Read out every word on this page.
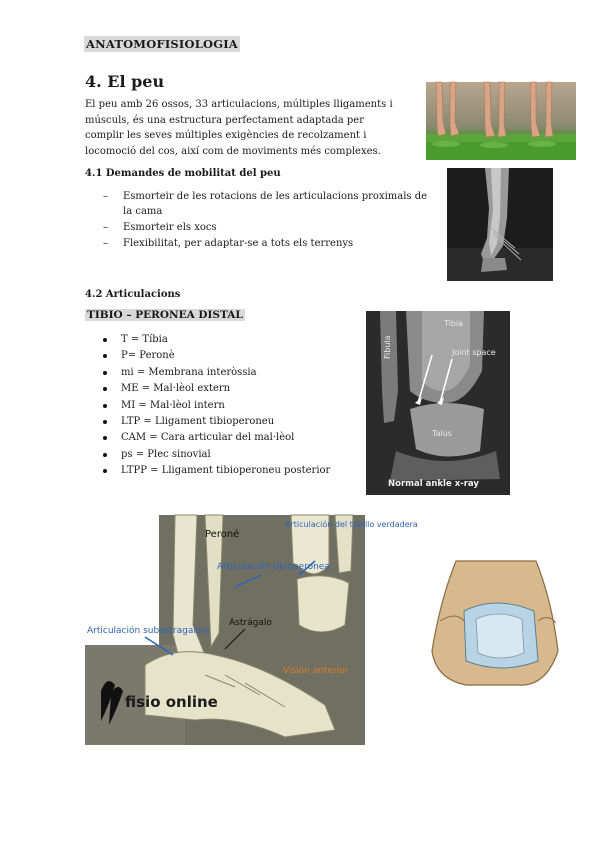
ANATOMOFISIOLOGIA
4. El peu

El peu amb 26 ossos, 33 articulacions, múltiples lligaments i músculs, és una estructura perfectament adaptada per complir les seves múltiples exigències de recolzament i locomoció del cos, així com de moviments més complexes.

4.1 Demandes de mobilitat del peu
– Esmorteir de les rotacions de les articulacions proximals de la cama
– Esmorteir els xocs
– Flexibilitat, per adaptar-se a tots els terrenys
4.2 Articulacions
TIBIO – PERONEA DISTAL
T = Tíbia
P= Peronè
mi = Membrana interòssia
ME = Mal·lèol extern
MI = Mal·lèol intern
LTP = Lligament tibioperoneu
CAM = Cara articular del mal·lèol
ps = Plec sinovial
LTPP = Lligament tibioperoneu posterior
Tibia
Fibula	Joint space
Talus
Normal ankle x-ray
Peroné
Articulación tibioperonea
Articulación del tobillo verdadera
Astrágalo
Articulación subastragalina
Visión anterior
fisio online
